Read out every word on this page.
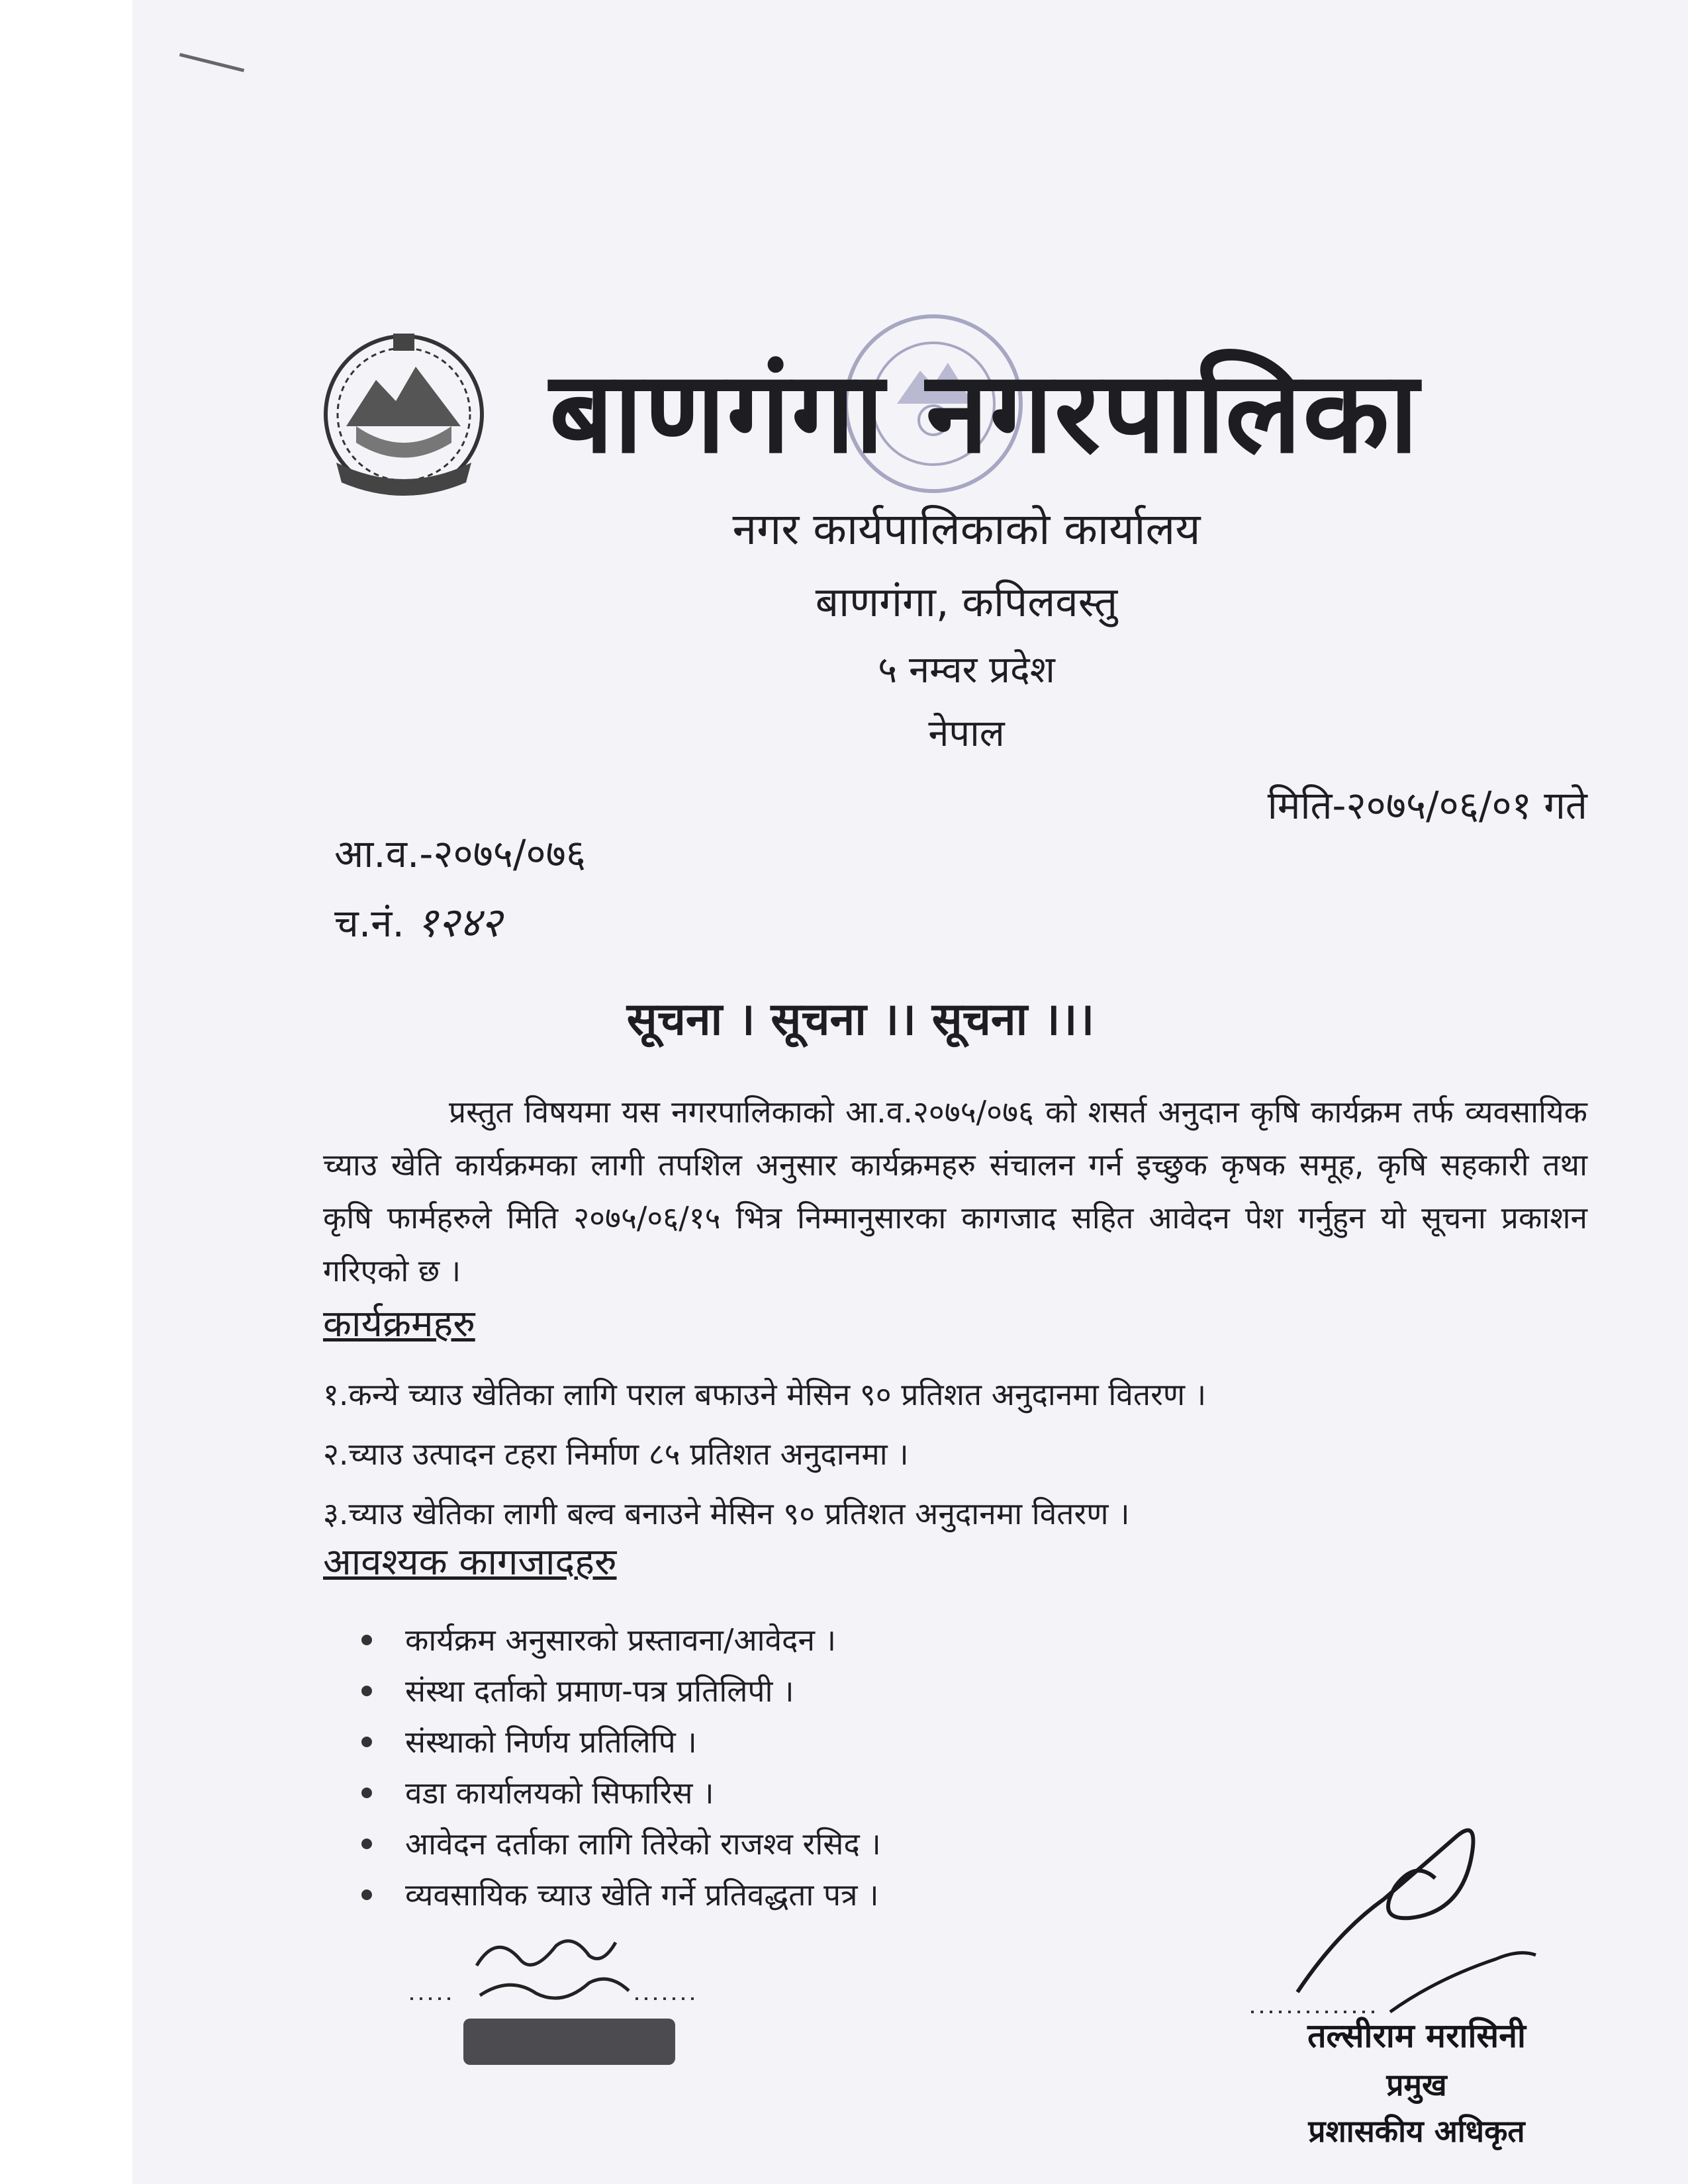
बाणगंगा नगरपालिका
नगर कार्यपालिकाको कार्यालय
बाणगंगा, कपिलवस्तु
५ नम्वर प्रदेश
नेपाल
मिति-२०७५/०६/०१ गते
आ.व.-२०७५/०७६
च.नं. १२४२
सूचना । सूचना ।। सूचना ।।।
प्रस्तुत विषयमा यस नगरपालिकाको आ.व.२०७५/०७६ को शसर्त अनुदान कृषि कार्यक्रम तर्फ व्यवसायिक च्याउ खेति कार्यक्रमका लागी तपशिल अनुसार कार्यक्रमहरु संचालन गर्न इच्छुक कृषक समूह, कृषि सहकारी तथा कृषि फार्महरुले मिति २०७५/०६/१५ भित्र निम्मानुसारका कागजाद सहित आवेदन पेश गर्नुहुन यो सूचना प्रकाशन गरिएको छ ।
कार्यक्रमहरु
१.कन्ये च्याउ खेतिका लागि पराल बफाउने मेसिन ९० प्रतिशत अनुदानमा वितरण ।
२.च्याउ उत्पादन टहरा निर्माण ८५ प्रतिशत अनुदानमा ।
३.च्याउ खेतिका लागी बल्व बनाउने मेसिन ९० प्रतिशत अनुदानमा वितरण ।
आवश्यक कागजादहरु
कार्यक्रम अनुसारको प्रस्तावना/आवेदन ।
संस्था दर्ताको प्रमाण-पत्र प्रतिलिपी ।
संस्थाको निर्णय प्रतिलिपि ।
वडा कार्यालयको सिफारिस ।
आवेदन दर्ताका लागि तिरेको राजश्व रसिद ।
व्यवसायिक च्याउ खेति गर्ने प्रतिवद्धता पत्र ।
तल्सीराम मरासिनी
प्रमुख
प्रशासकीय अधिकृत
